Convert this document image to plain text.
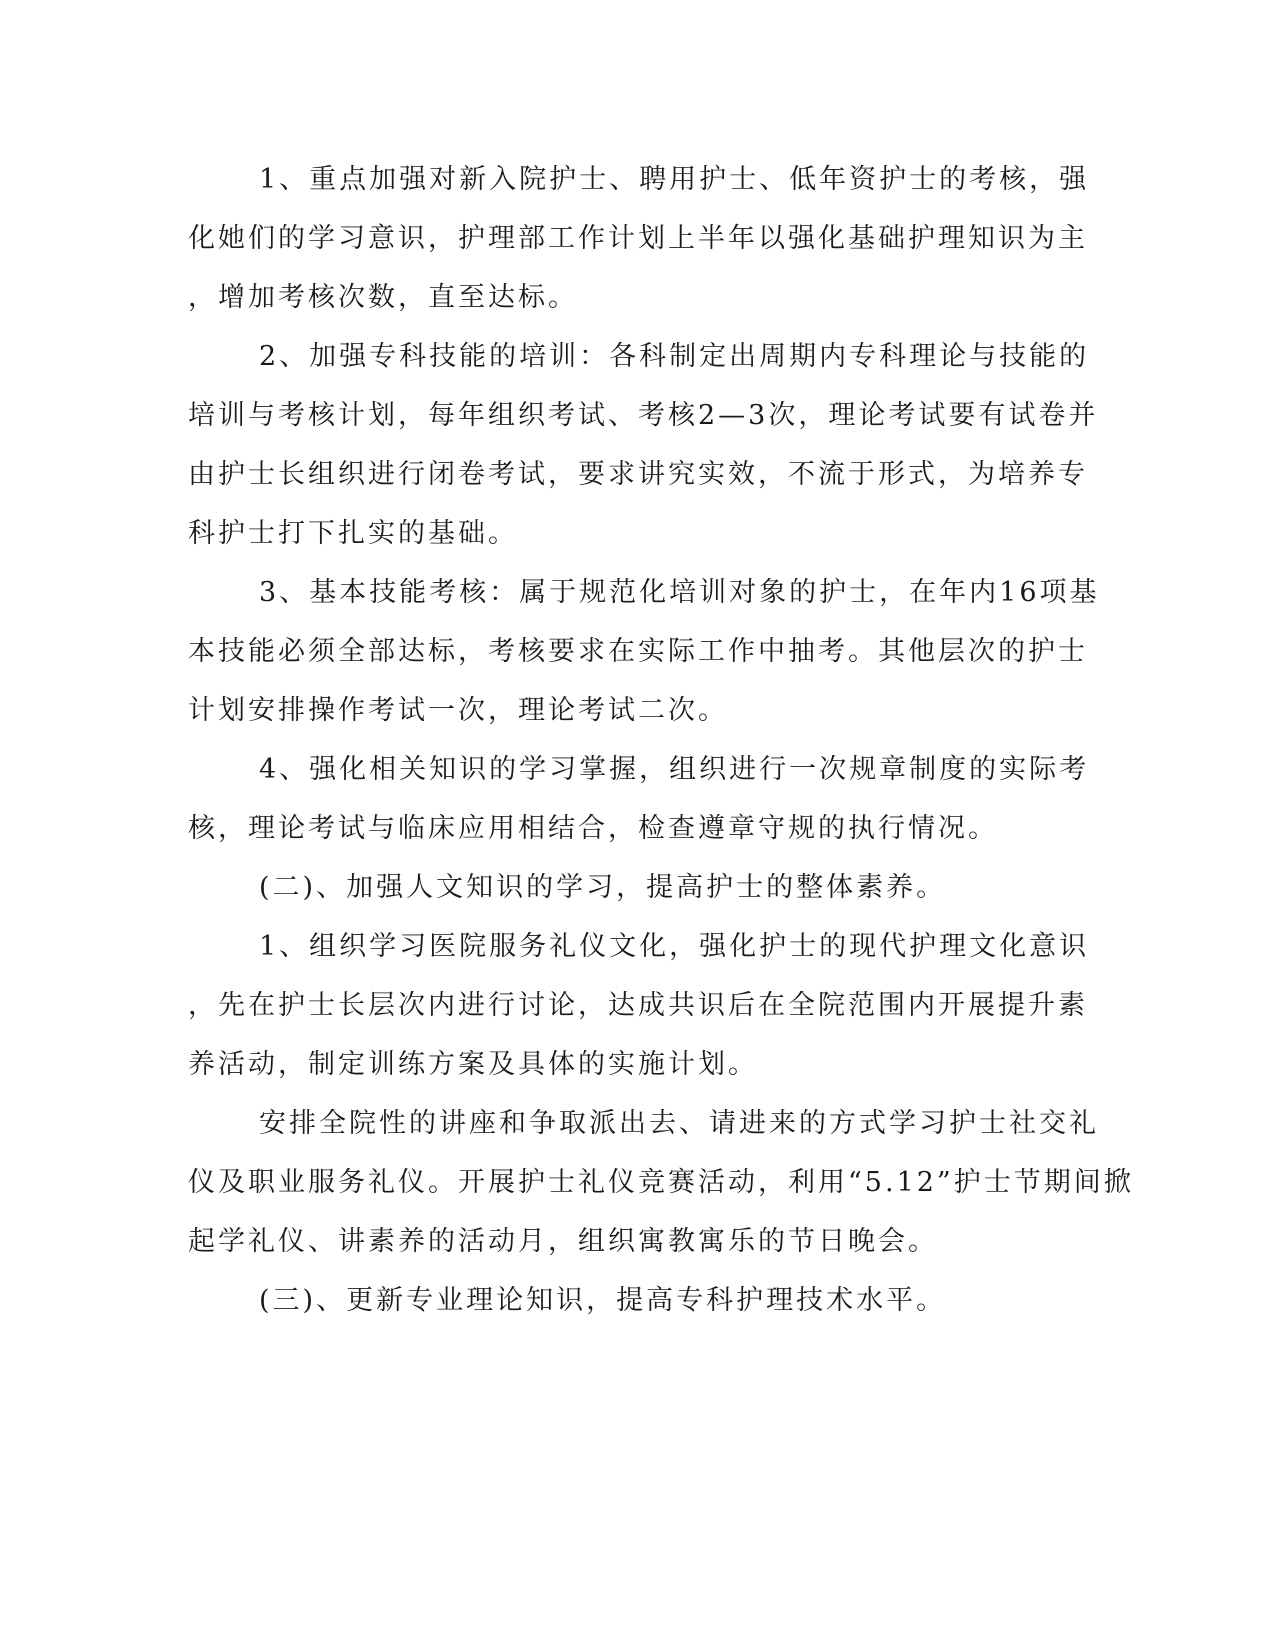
1、重点加强对新入院护士、聘用护士、低年资护士的考核，强
化她们的学习意识，护理部工作计划上半年以强化基础护理知识为主
，增加考核次数，直至达标。
2、加强专科技能的培训：各科制定出周期内专科理论与技能的
培训与考核计划，每年组织考试、考核2—3次，理论考试要有试卷并
由护士长组织进行闭卷考试，要求讲究实效，不流于形式，为培养专
科护士打下扎实的基础。
3、基本技能考核：属于规范化培训对象的护士，在年内16项基
本技能必须全部达标，考核要求在实际工作中抽考。其他层次的护士
计划安排操作考试一次，理论考试二次。
4、强化相关知识的学习掌握，组织进行一次规章制度的实际考
核，理论考试与临床应用相结合，检查遵章守规的执行情况。
(二)、加强人文知识的学习，提高护士的整体素养。
1、组织学习医院服务礼仪文化，强化护士的现代护理文化意识
，先在护士长层次内进行讨论，达成共识后在全院范围内开展提升素
养活动，制定训练方案及具体的实施计划。
安排全院性的讲座和争取派出去、请进来的方式学习护士社交礼
仪及职业服务礼仪。开展护士礼仪竞赛活动，利用“5.12”护士节期间掀
起学礼仪、讲素养的活动月，组织寓教寓乐的节日晚会。
(三)、更新专业理论知识，提高专科护理技术水平。
